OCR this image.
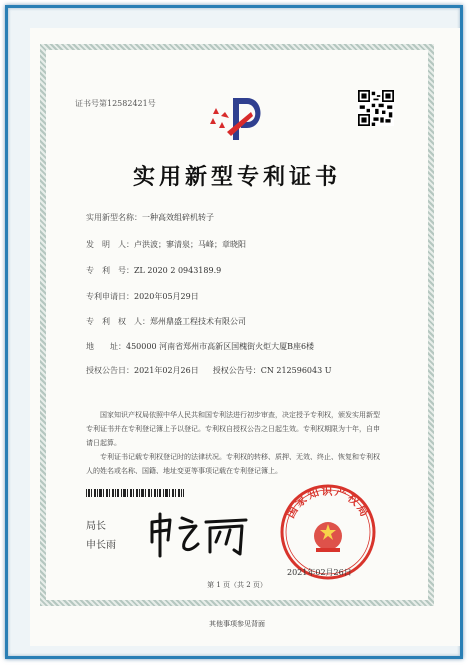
证书号第12582421号
实用新型专利证书
实用新型名称：一种高效组碎机转子
发　明　人：卢洪波；寥清泉；马峰；章晓阳
专　利　号：ZL 2020 2 0943189.9
专利申请日：2020年05月29日
专　利　权　人：郑州鼎盛工程技术有限公司
地　　址：450000 河南省郑州市高新区国槐街火炬大厦B座6楼
授权公告日：2021年02月26日 授权公告号：CN 212596043 U

国家知识产权局依照中华人民共和国专利法进行初步审查，决定授予专利权，颁发实用新型专利证书并在专利登记簿上予以登记。专利权自授权公告之日起生效。专利权期限为十年，自申请日起算。

专利证书记载专利权登记时的法律状况。专利权的转移、质押、无效、终止、恢复和专利权人的姓名或名称、国籍、地址变更等事项记载在专利登记簿上。

局长
申长雨
国家知识产权局
2021年02月26日
第 1 页（共 2 页）
其他事项参见背面
